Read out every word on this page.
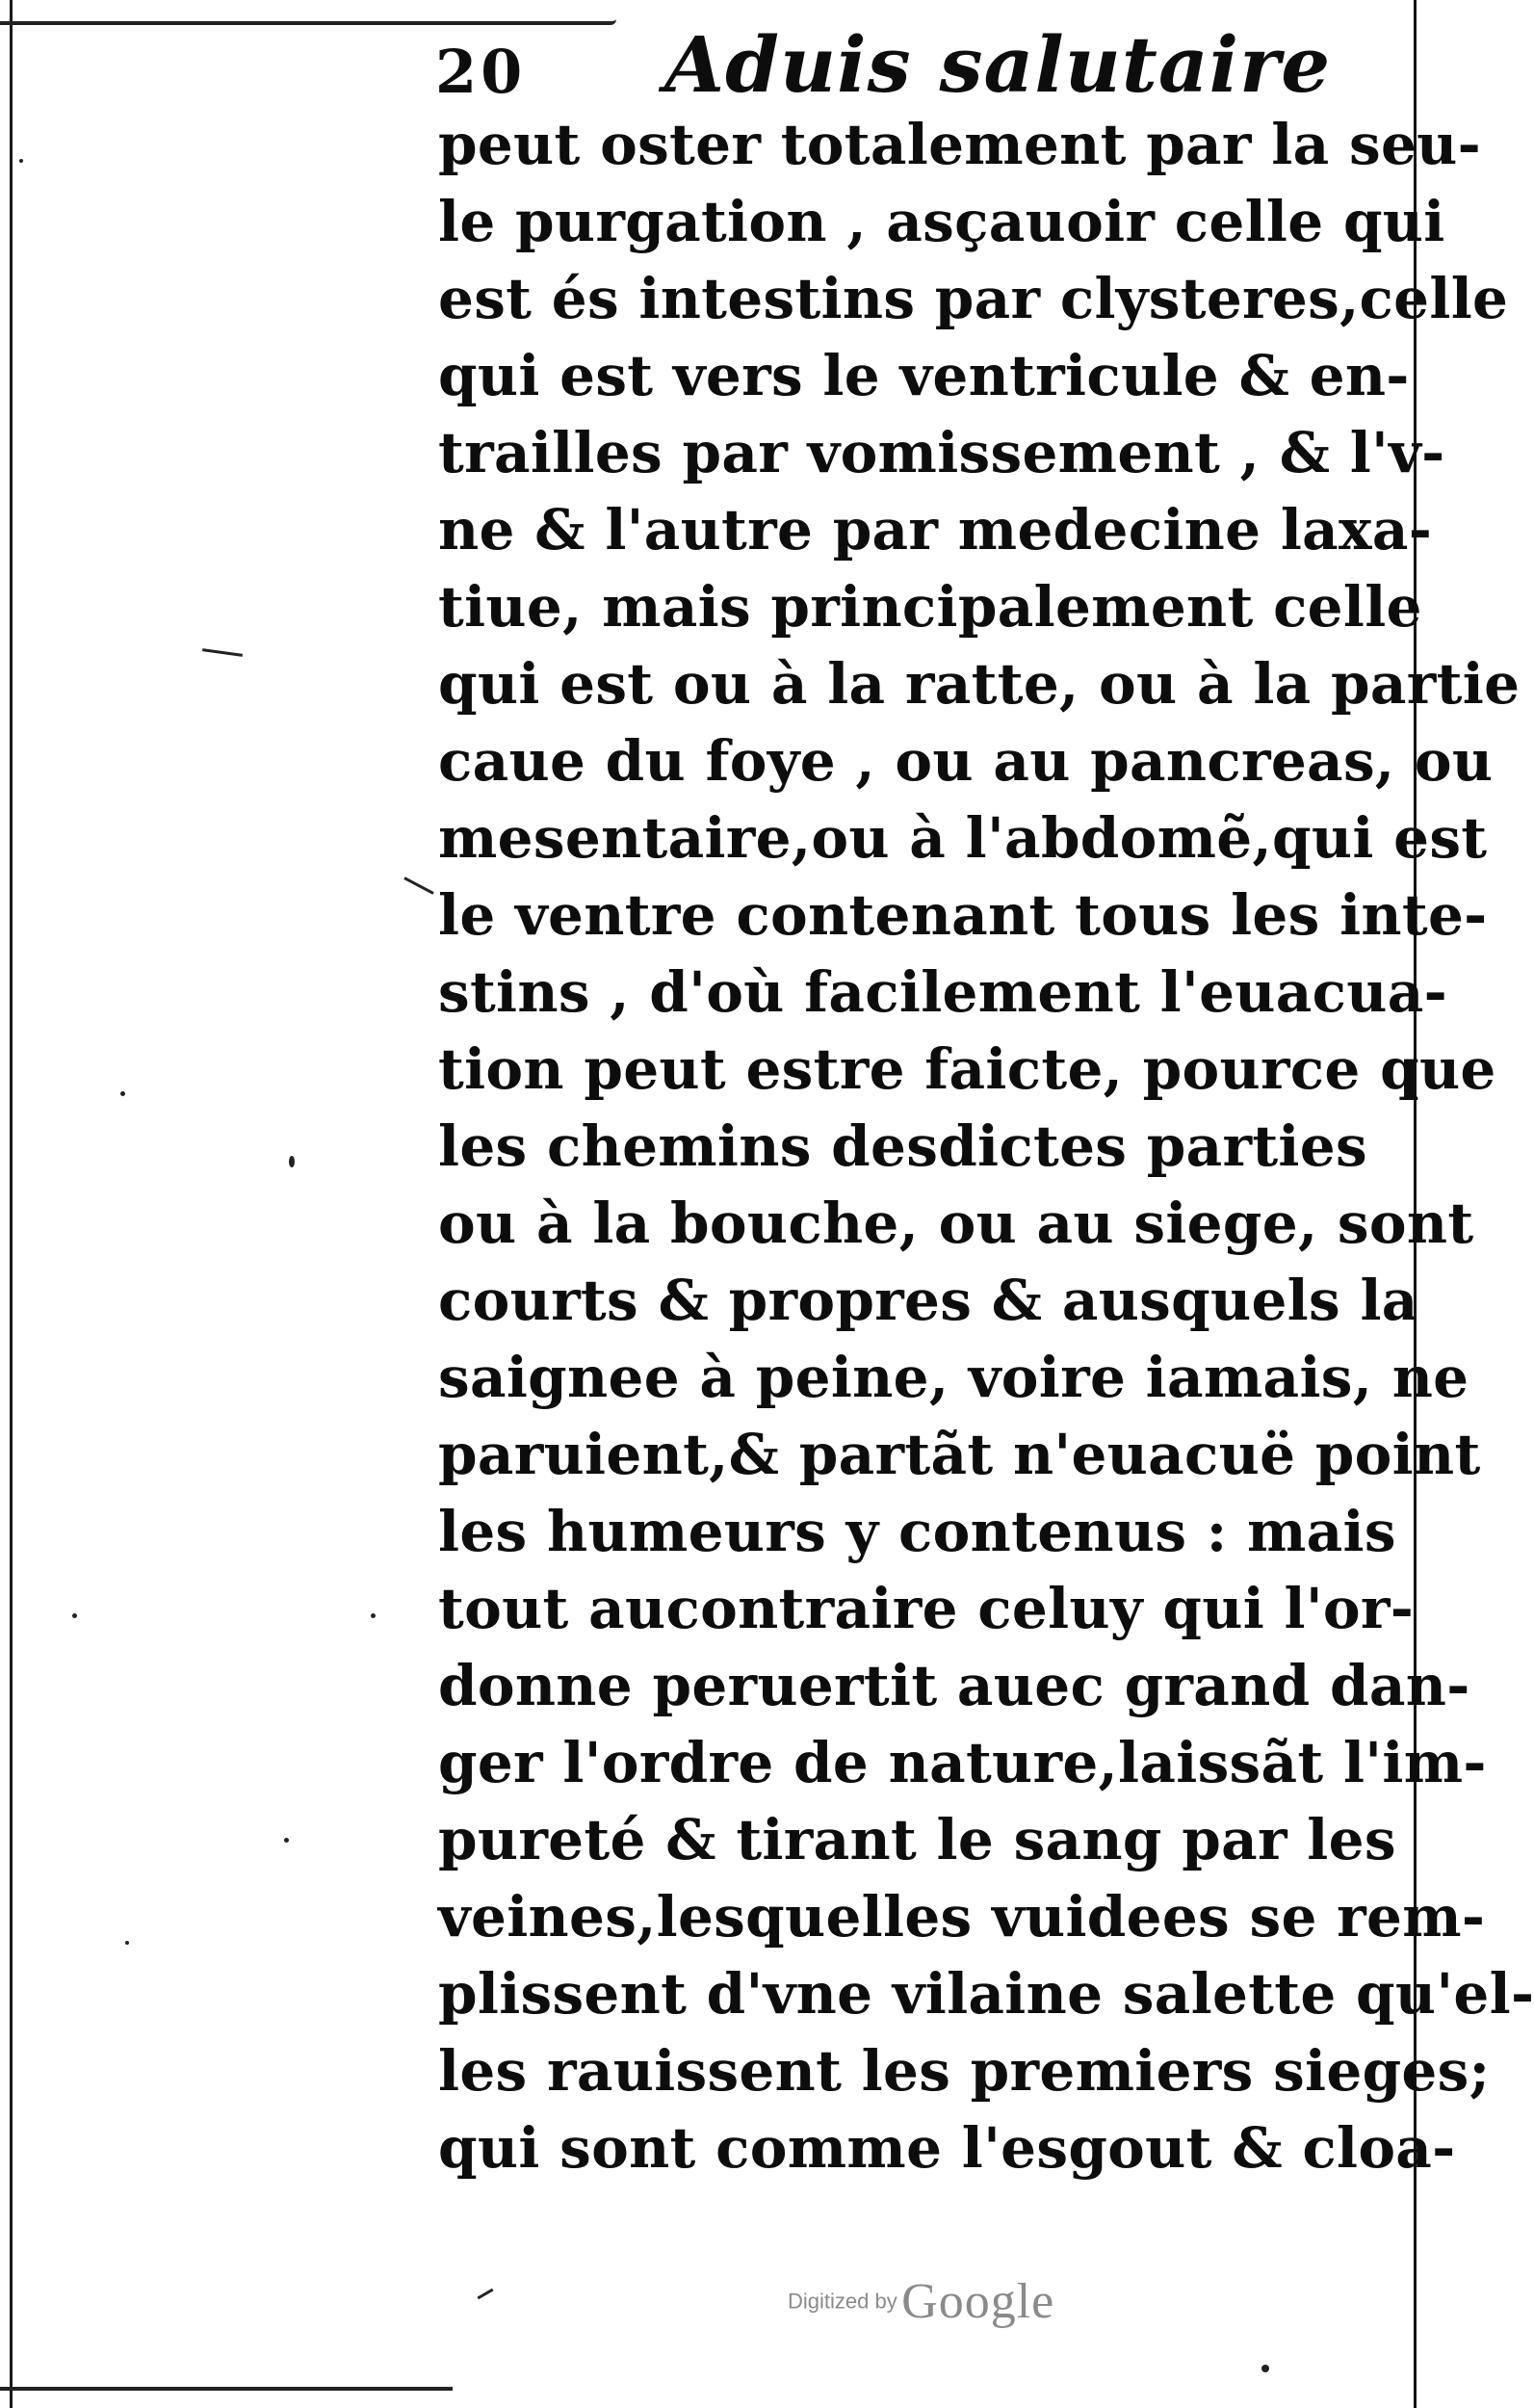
20 Aduis salutaire
peut oster totalement par la seu-
le purgation , asçauoir celle qui
est és intestins par clysteres,celle
qui est vers le ventricule & en-
trailles par vomissement , & l'v-
ne & l'autre par medecine laxa-
tiue, mais principalement celle
qui est ou à la ratte, ou à la partie
caue du foye , ou au pancreas, ou
mesentaire,ou à l'abdomẽ,qui est
le ventre contenant tous les inte-
stins , d'où facilement l'euacua-
tion peut estre faicte, pource que
les chemins desdictes parties
ou à la bouche, ou au siege, sont
courts & propres & ausquels la
saignee à peine, voire iamais, ne
paruient,& partãt n'euacuë point
les humeurs y contenus : mais
tout aucontraire celuy qui l'or-
donne peruertit auec grand dan-
ger l'ordre de nature,laissãt l'im-
pureté & tirant le sang par les
veines,lesquelles vuidees se rem-
plissent d'vne vilaine salette qu'el-
les rauissent les premiers sieges;
qui sont comme l'esgout & cloa-
Digitized by Google
